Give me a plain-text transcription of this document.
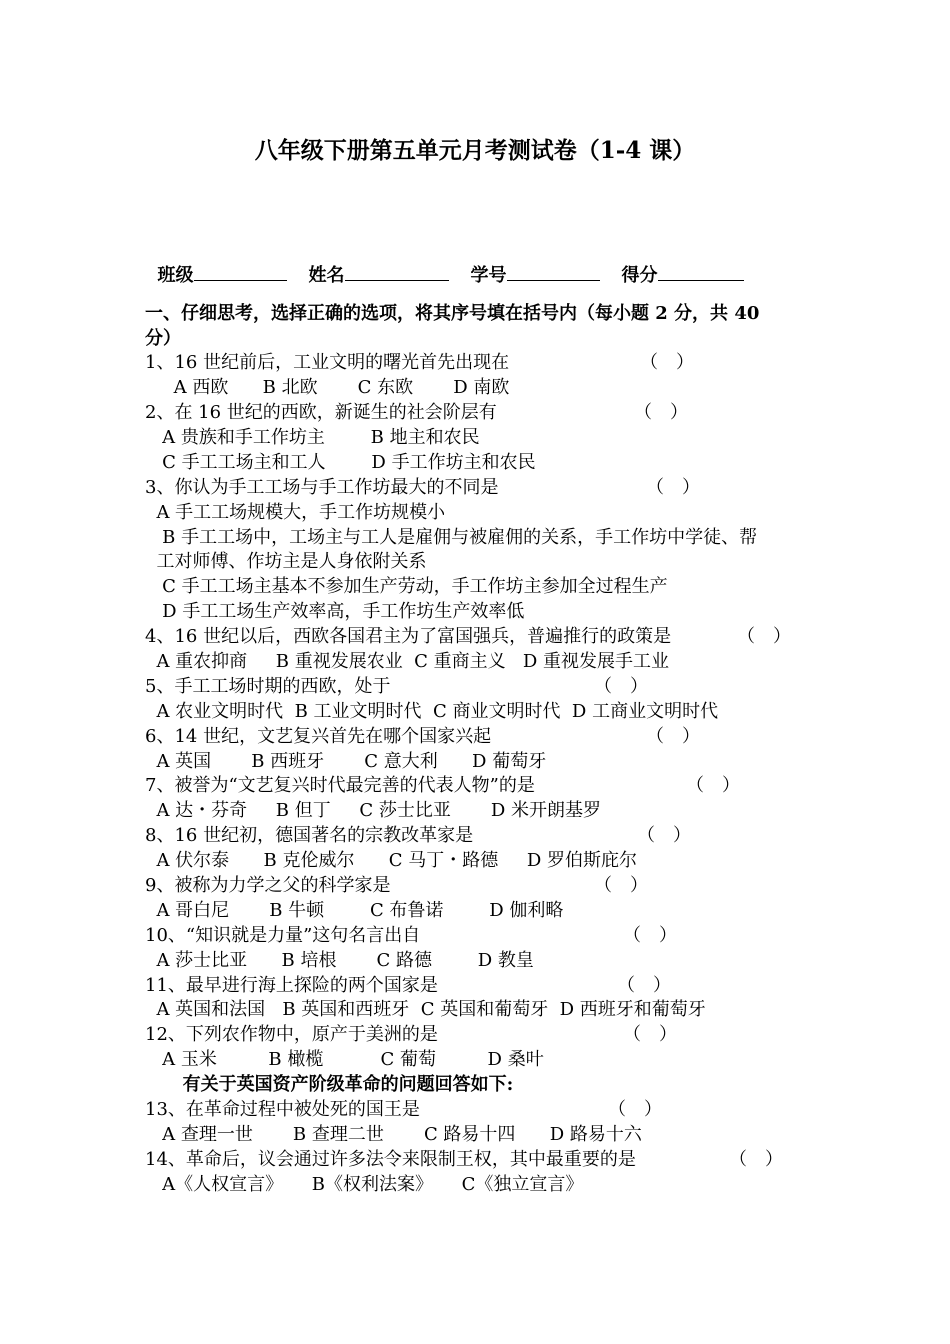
八年级下册第五单元月考测试卷（1-4 课）

班级	姓名	学号	得分

一、仔细思考，选择正确的选项，将其序号填在括号内（每小题 2 分，共 40
分）
1、16 世纪前后，工业文明的曙光首先出现在	（　）
A 西欧      B 北欧       C 东欧       D 南欧
2、在 16 世纪的西欧，新诞生的社会阶层有	（　）
A 贵族和手工作坊主        B 地主和农民
C 手工工场主和工人        D 手工作坊主和农民
3、你认为手工工场与手工作坊最大的不同是	（　）
A 手工工场规模大，手工作坊规模小
B 手工工场中，工场主与工人是雇佣与被雇佣的关系，手工作坊中学徒、帮
工对师傅、作坊主是人身依附关系
C 手工工场主基本不参加生产劳动，手工作坊主参加全过程生产
D 手工工场生产效率高，手工作坊生产效率低
4、16 世纪以后，西欧各国君主为了富国强兵，普遍推行的政策是	（　）
A 重农抑商     B 重视发展农业  C 重商主义   D 重视发展手工业
5、手工工场时期的西欧，处于	（　）
A 农业文明时代  B 工业文明时代  C 商业文明时代  D 工商业文明时代
6、14 世纪，文艺复兴首先在哪个国家兴起	（　）
A 英国       B 西班牙       C 意大利      D 葡萄牙
7、被誉为“文艺复兴时代最完善的代表人物”的是	（　）
A 达・芬奇     B 但丁     C 莎士比亚       D 米开朗基罗
8、16 世纪初，德国著名的宗教改革家是	（　）
A 伏尔泰      B 克伦威尔      C 马丁・路德     D 罗伯斯庇尔
9、被称为力学之父的科学家是	（　）
A 哥白尼       B 牛顿        C 布鲁诺        D 伽利略
10、“知识就是力量”这句名言出自	（　）
A 莎士比亚      B 培根       C 路德        D 教皇
11、最早进行海上探险的两个国家是	（　）
A 英国和法国   B 英国和西班牙  C 英国和葡萄牙  D 西班牙和葡萄牙
12、下列农作物中，原产于美洲的是	（　）
A 玉米         B 橄榄          C 葡萄         D 桑叶
有关于英国资产阶级革命的问题回答如下:
13、在革命过程中被处死的国王是	（　）
A 查理一世       B 查理二世       C 路易十四      D 路易十六
14、革命后，议会通过许多法令来限制王权，其中最重要的是	（　）
A《人权宣言》     B《权利法案》     C《独立宣言》
